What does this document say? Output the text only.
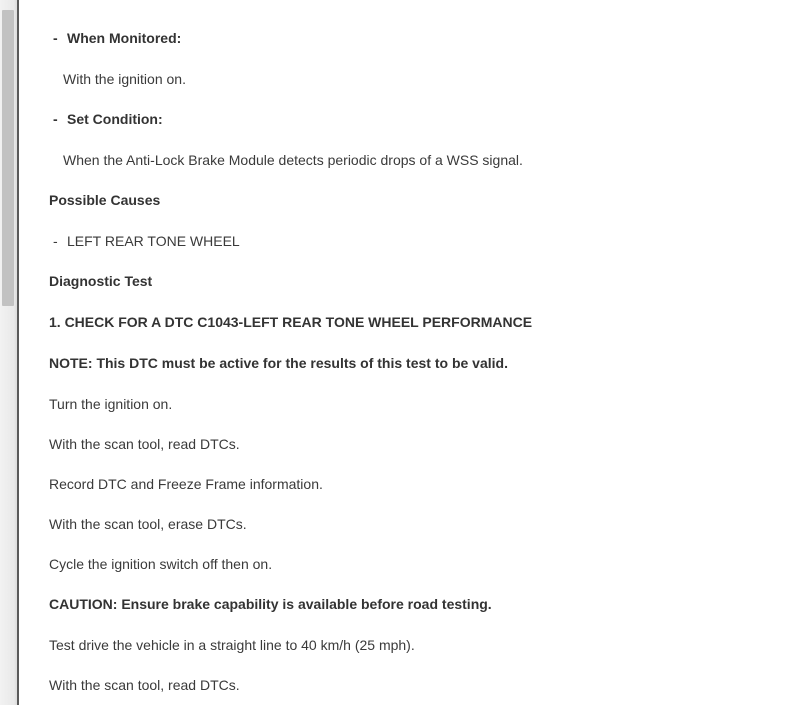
- When Monitored:
With the ignition on.
- Set Condition:
When the Anti-Lock Brake Module detects periodic drops of a WSS signal.
Possible Causes
- LEFT REAR TONE WHEEL
Diagnostic Test
1. CHECK FOR A DTC C1043-LEFT REAR TONE WHEEL PERFORMANCE
NOTE: This DTC must be active for the results of this test to be valid.
Turn the ignition on.
With the scan tool, read DTCs.
Record DTC and Freeze Frame information.
With the scan tool, erase DTCs.
Cycle the ignition switch off then on.
CAUTION: Ensure brake capability is available before road testing.
Test drive the vehicle in a straight line to 40 km/h (25 mph).
With the scan tool, read DTCs.
